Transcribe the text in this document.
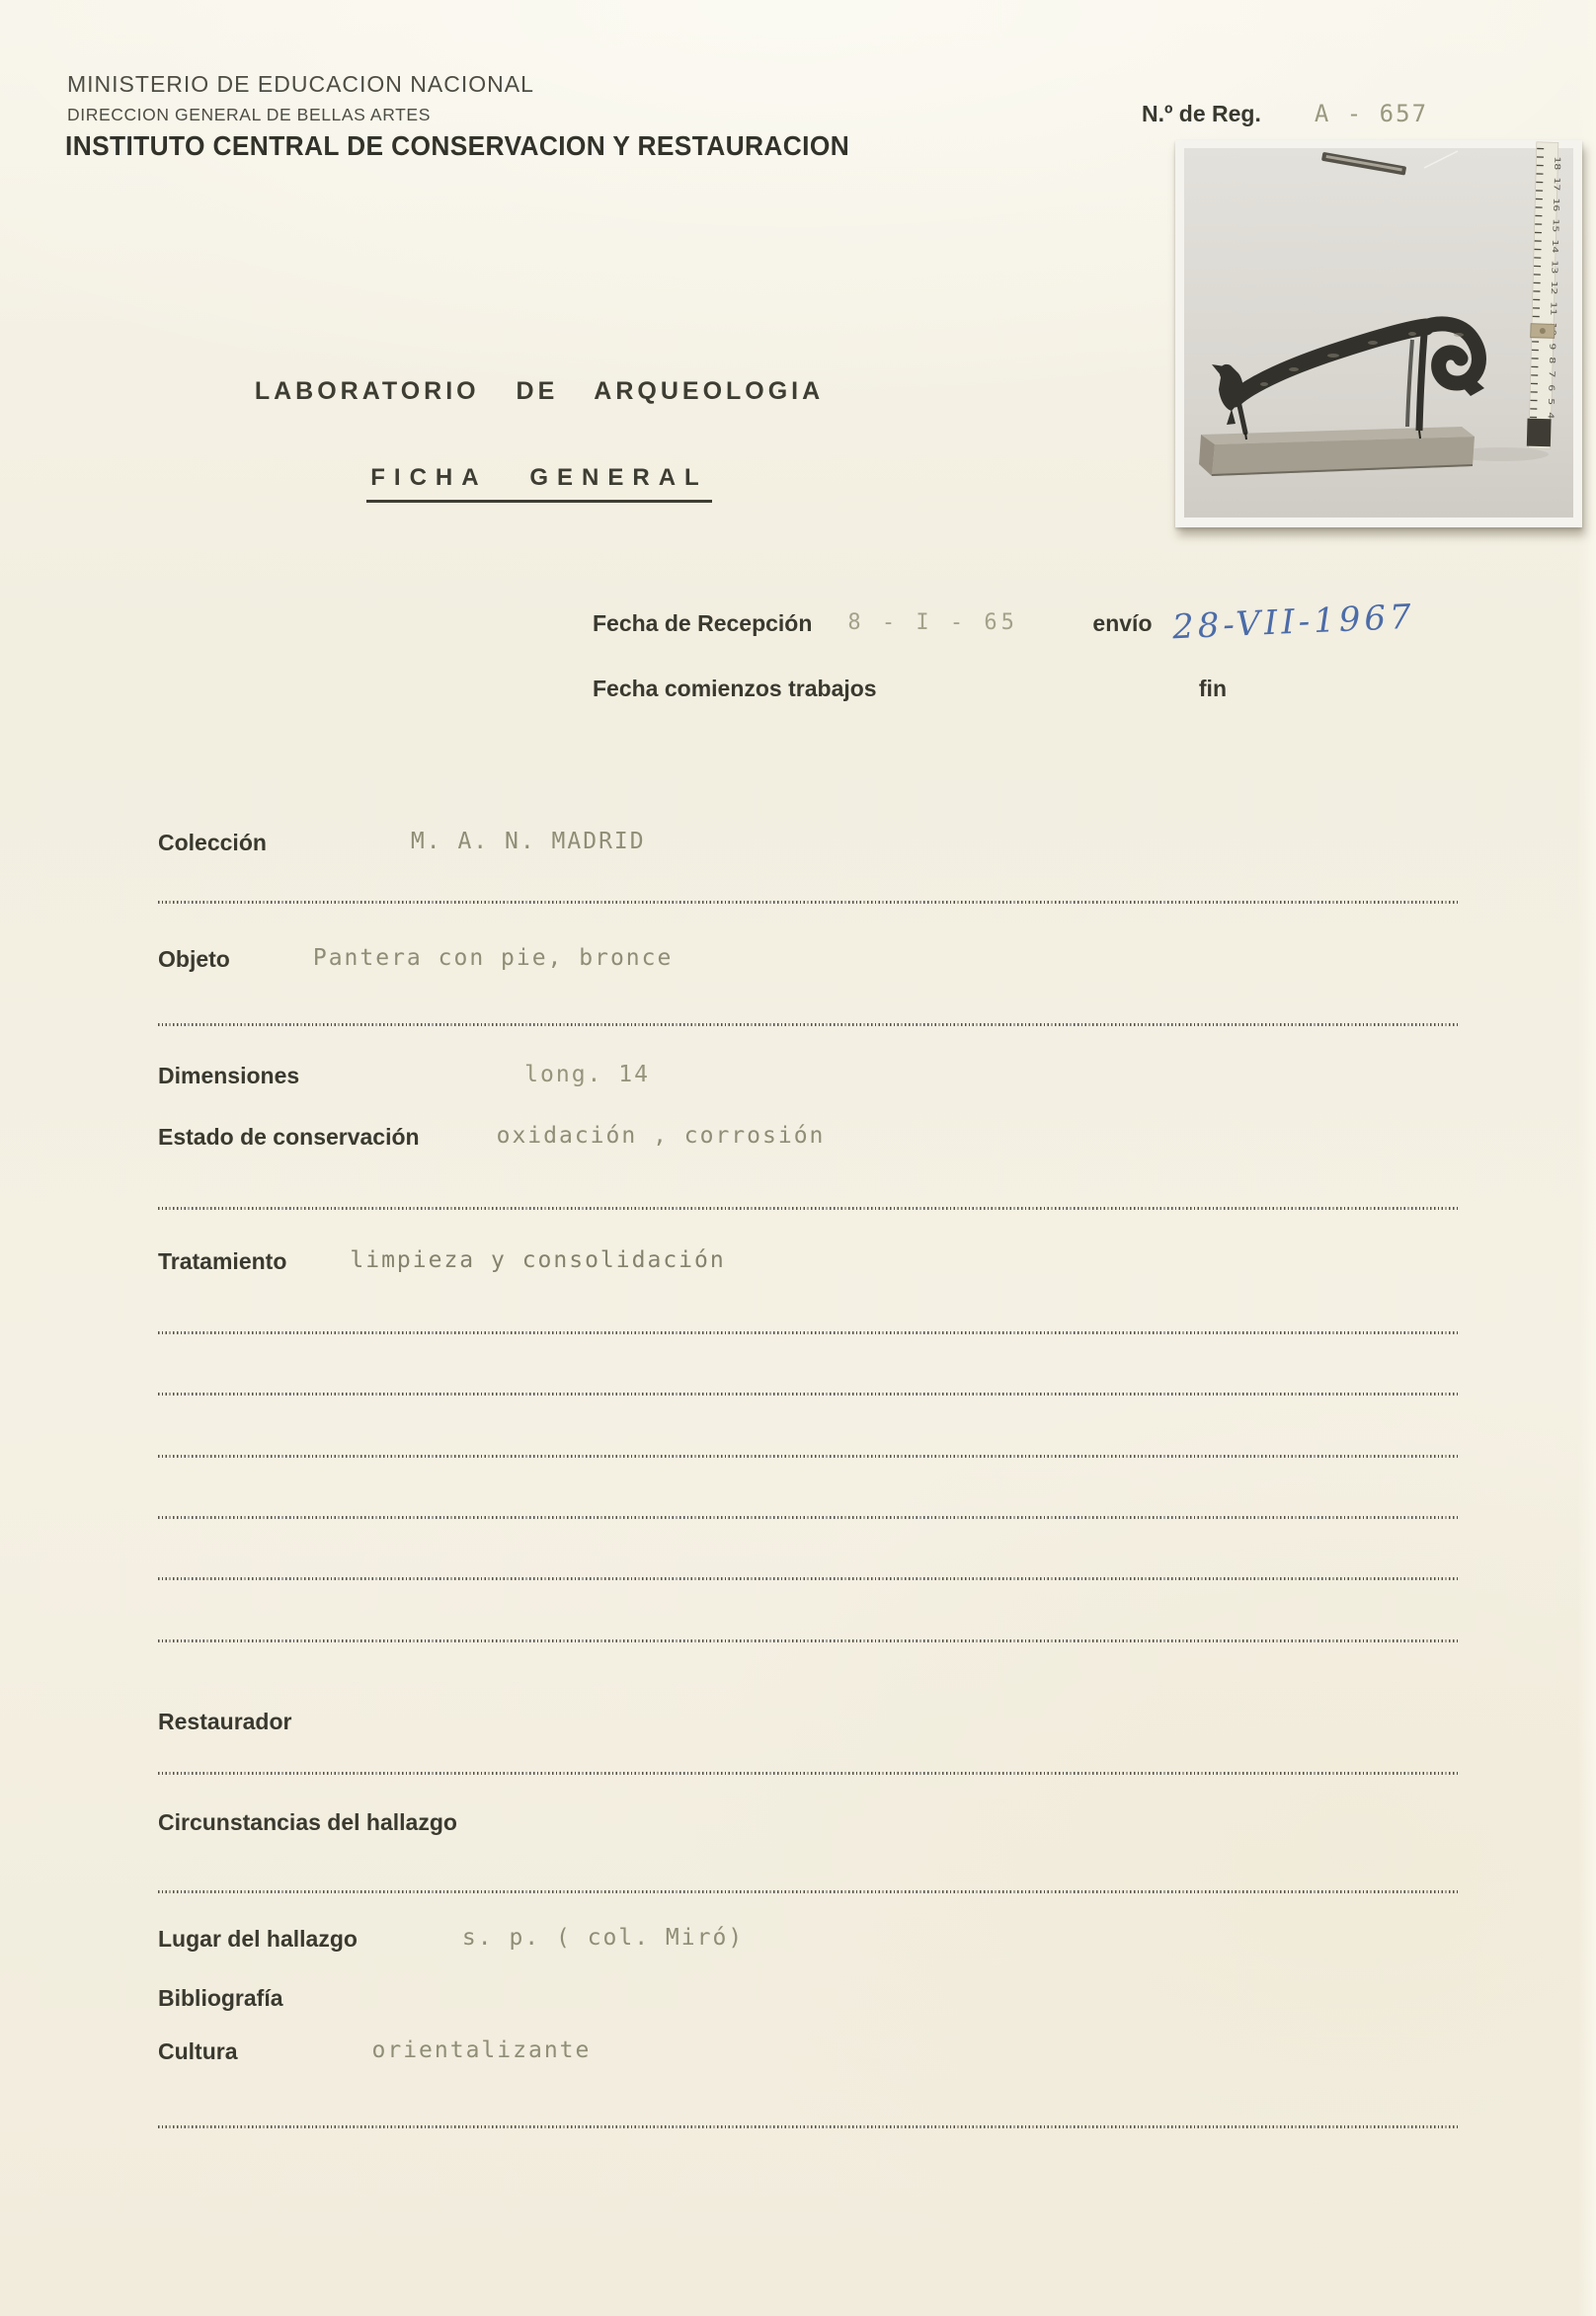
MINISTERIO DE EDUCACION NACIONAL
DIRECCION GENERAL DE BELLAS ARTES
INSTITUTO CENTRAL DE CONSERVACION Y RESTAURACION
N.º de Reg. A - 657
18 17 16 15 14 13 12 11 10 9 8 7 6 5 4
LABORATORIO DE ARQUEOLOGIA
FICHA GENERAL
Fecha de Recepción 8 - I - 65	envío 28-VII-1967
Fecha comienzos trabajos	fin
Colección	M. A. N. MADRID
Objeto	Pantera con pie, bronce
Dimensiones	long. 14
Estado de conservación	oxidación , corrosión
Tratamiento	limpieza y consolidación
Restaurador
Circunstancias del hallazgo
Lugar del hallazgo	s. p. ( col. Miró)
Bibliografía
Cultura	orientalizante
